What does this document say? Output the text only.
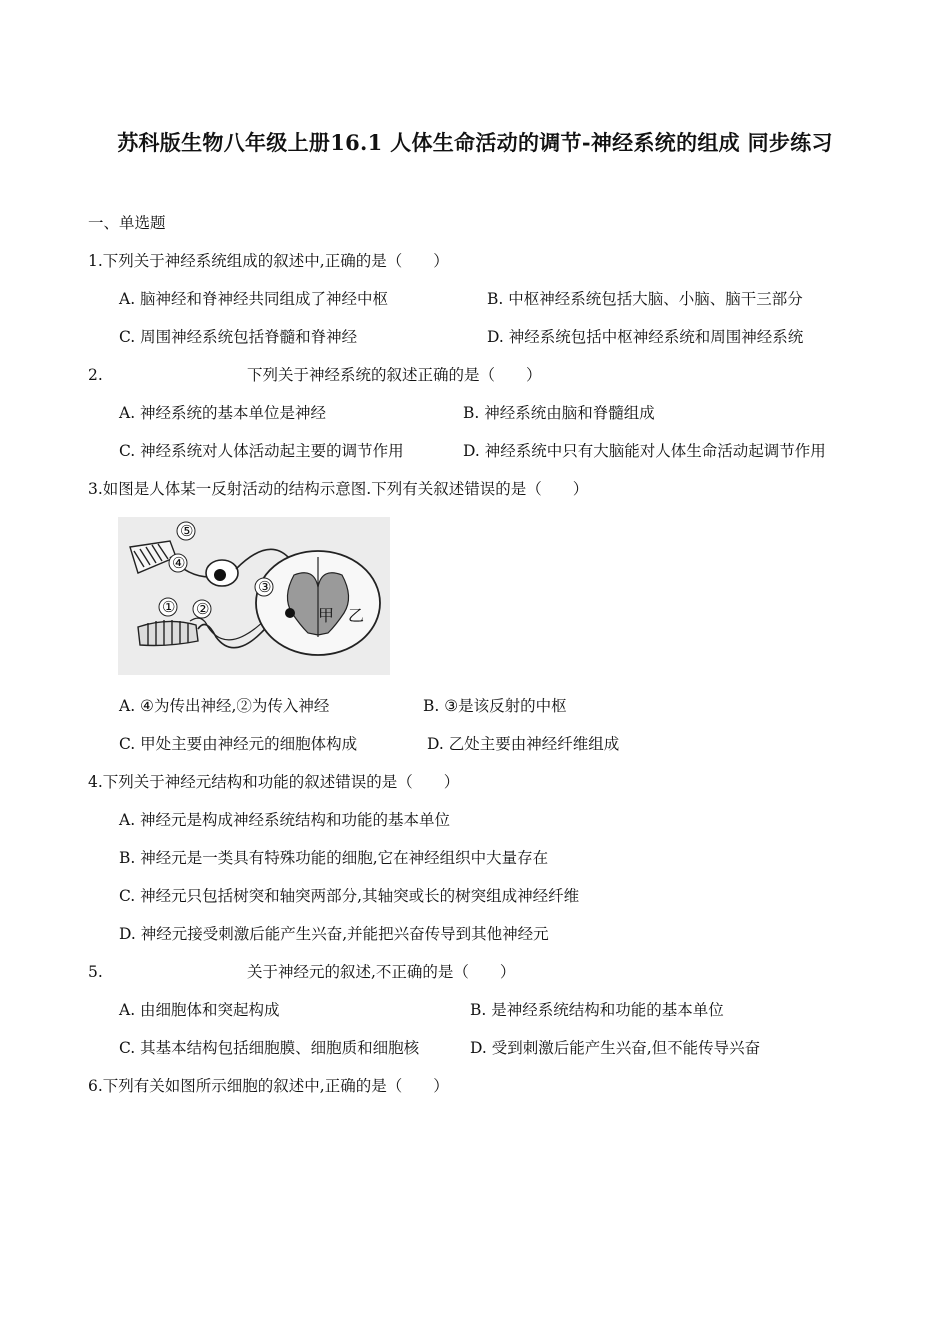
苏科版生物八年级上册16.1 人体生命活动的调节-神经系统的组成 同步练习
一、单选题
1.下列关于神经系统组成的叙述中,正确的是（　　）
A. 脑神经和脊神经共同组成了神经中枢	B. 中枢神经系统包括大脑、小脑、脑干三部分
C. 周围神经系统包括脊髓和脊神经	D. 神经系统包括中枢神经系统和周围神经系统
2.	下列关于神经系统的叙述正确的是（　　）
A. 神经系统的基本单位是神经	B. 神经系统由脑和脊髓组成
C. 神经系统对人体活动起主要的调节作用	D. 神经系统中只有大脑能对人体生命活动起调节作用
3.如图是人体某一反射活动的结构示意图.下列有关叙述错误的是（　　）
⑤
④
③
① ②	甲 乙
A. ④为传出神经,②为传入神经	B. ③是该反射的中枢
C. 甲处主要由神经元的细胞体构成	D. 乙处主要由神经纤维组成
4.下列关于神经元结构和功能的叙述错误的是（　　）
A. 神经元是构成神经系统结构和功能的基本单位
B. 神经元是一类具有特殊功能的细胞,它在神经组织中大量存在
C. 神经元只包括树突和轴突两部分,其轴突或长的树突组成神经纤维
D. 神经元接受刺激后能产生兴奋,并能把兴奋传导到其他神经元
5.	关于神经元的叙述,不正确的是（　　）
A. 由细胞体和突起构成	B. 是神经系统结构和功能的基本单位
C. 其基本结构包括细胞膜、细胞质和细胞核	D. 受到刺激后能产生兴奋,但不能传导兴奋
6.下列有关如图所示细胞的叙述中,正确的是（　　）
